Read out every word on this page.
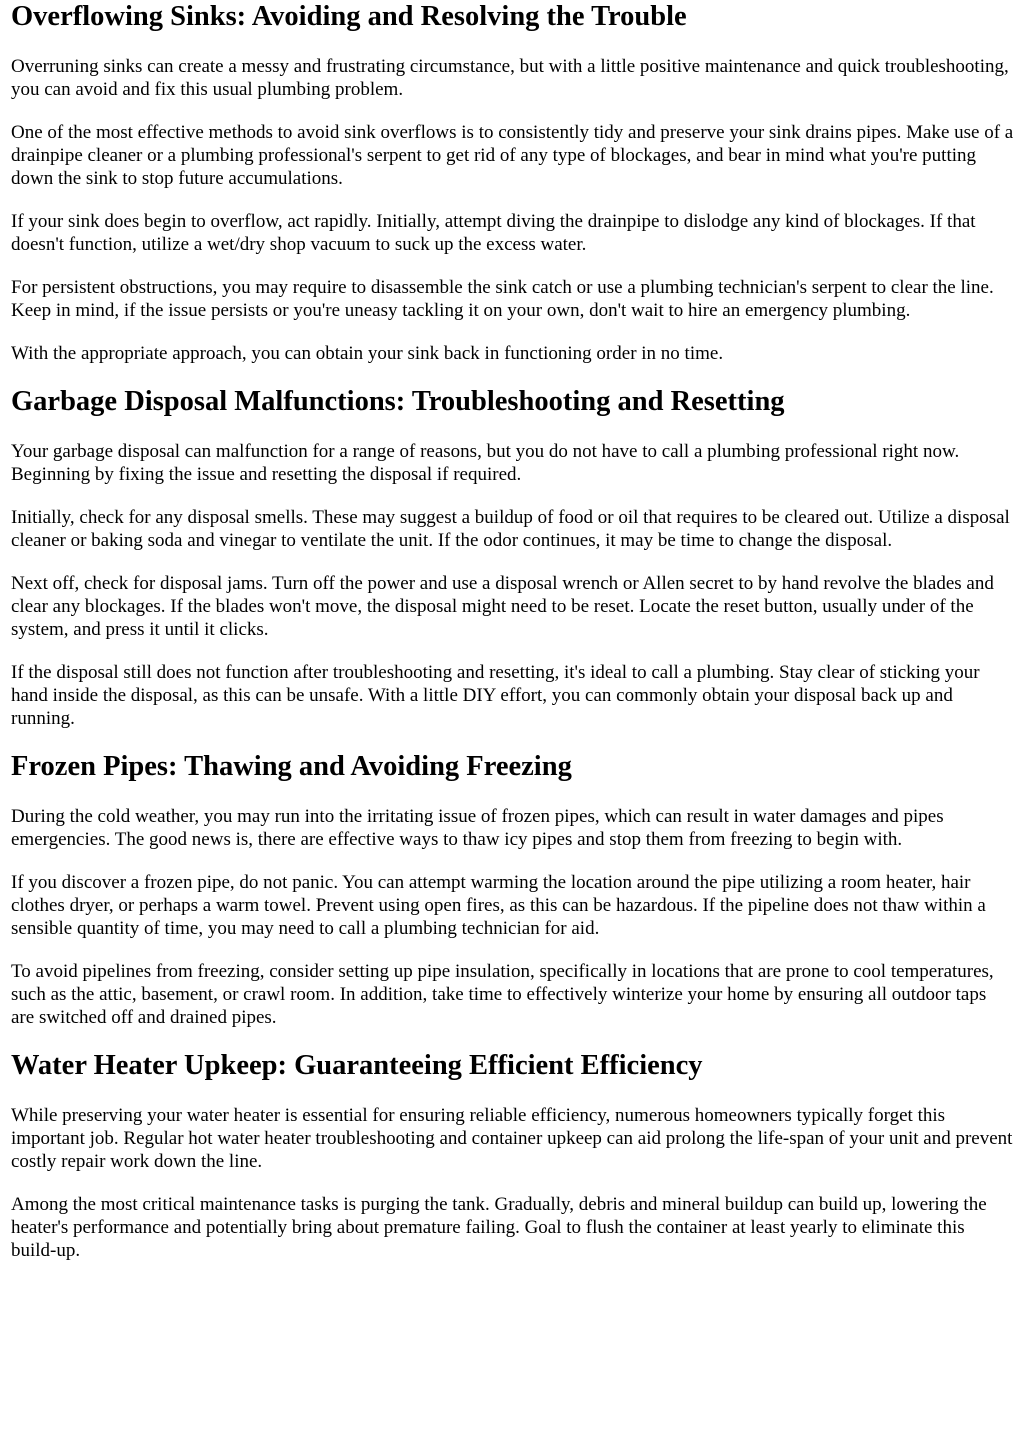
Overflowing Sinks: Avoiding and Resolving the Trouble

Overruning sinks can create a messy and frustrating circumstance, but with a little positive maintenance and quick troubleshooting, you can avoid and fix this usual plumbing problem.

One of the most effective methods to avoid sink overflows is to consistently tidy and preserve your sink drains pipes. Make use of a drainpipe cleaner or a plumbing professional's serpent to get rid of any type of blockages, and bear in mind what you're putting down the sink to stop future accumulations.

If your sink does begin to overflow, act rapidly. Initially, attempt diving the drainpipe to dislodge any kind of blockages. If that doesn't function, utilize a wet/dry shop vacuum to suck up the excess water.

For persistent obstructions, you may require to disassemble the sink catch or use a plumbing technician's serpent to clear the line. Keep in mind, if the issue persists or you're uneasy tackling it on your own, don't wait to hire an emergency plumbing.

With the appropriate approach, you can obtain your sink back in functioning order in no time.

Garbage Disposal Malfunctions: Troubleshooting and Resetting

Your garbage disposal can malfunction for a range of reasons, but you do not have to call a plumbing professional right now. Beginning by fixing the issue and resetting the disposal if required.

Initially, check for any disposal smells. These may suggest a buildup of food or oil that requires to be cleared out. Utilize a disposal cleaner or baking soda and vinegar to ventilate the unit. If the odor continues, it may be time to change the disposal.

Next off, check for disposal jams. Turn off the power and use a disposal wrench or Allen secret to by hand revolve the blades and clear any blockages. If the blades won't move, the disposal might need to be reset. Locate the reset button, usually under of the system, and press it until it clicks.

If the disposal still does not function after troubleshooting and resetting, it's ideal to call a plumbing. Stay clear of sticking your hand inside the disposal, as this can be unsafe. With a little DIY effort, you can commonly obtain your disposal back up and running.

Frozen Pipes: Thawing and Avoiding Freezing

During the cold weather, you may run into the irritating issue of frozen pipes, which can result in water damages and pipes emergencies. The good news is, there are effective ways to thaw icy pipes and stop them from freezing to begin with.

If you discover a frozen pipe, do not panic. You can attempt warming the location around the pipe utilizing a room heater, hair clothes dryer, or perhaps a warm towel. Prevent using open fires, as this can be hazardous. If the pipeline does not thaw within a sensible quantity of time, you may need to call a plumbing technician for aid.

To avoid pipelines from freezing, consider setting up pipe insulation, specifically in locations that are prone to cool temperatures, such as the attic, basement, or crawl room. In addition, take time to effectively winterize your home by ensuring all outdoor taps are switched off and drained pipes.

Water Heater Upkeep: Guaranteeing Efficient Efficiency

While preserving your water heater is essential for ensuring reliable efficiency, numerous homeowners typically forget this important job. Regular hot water heater troubleshooting and container upkeep can aid prolong the life-span of your unit and prevent costly repair work down the line.

Among the most critical maintenance tasks is purging the tank. Gradually, debris and mineral buildup can build up, lowering the heater's performance and potentially bring about premature failing. Goal to flush the container at least yearly to eliminate this build-up.
